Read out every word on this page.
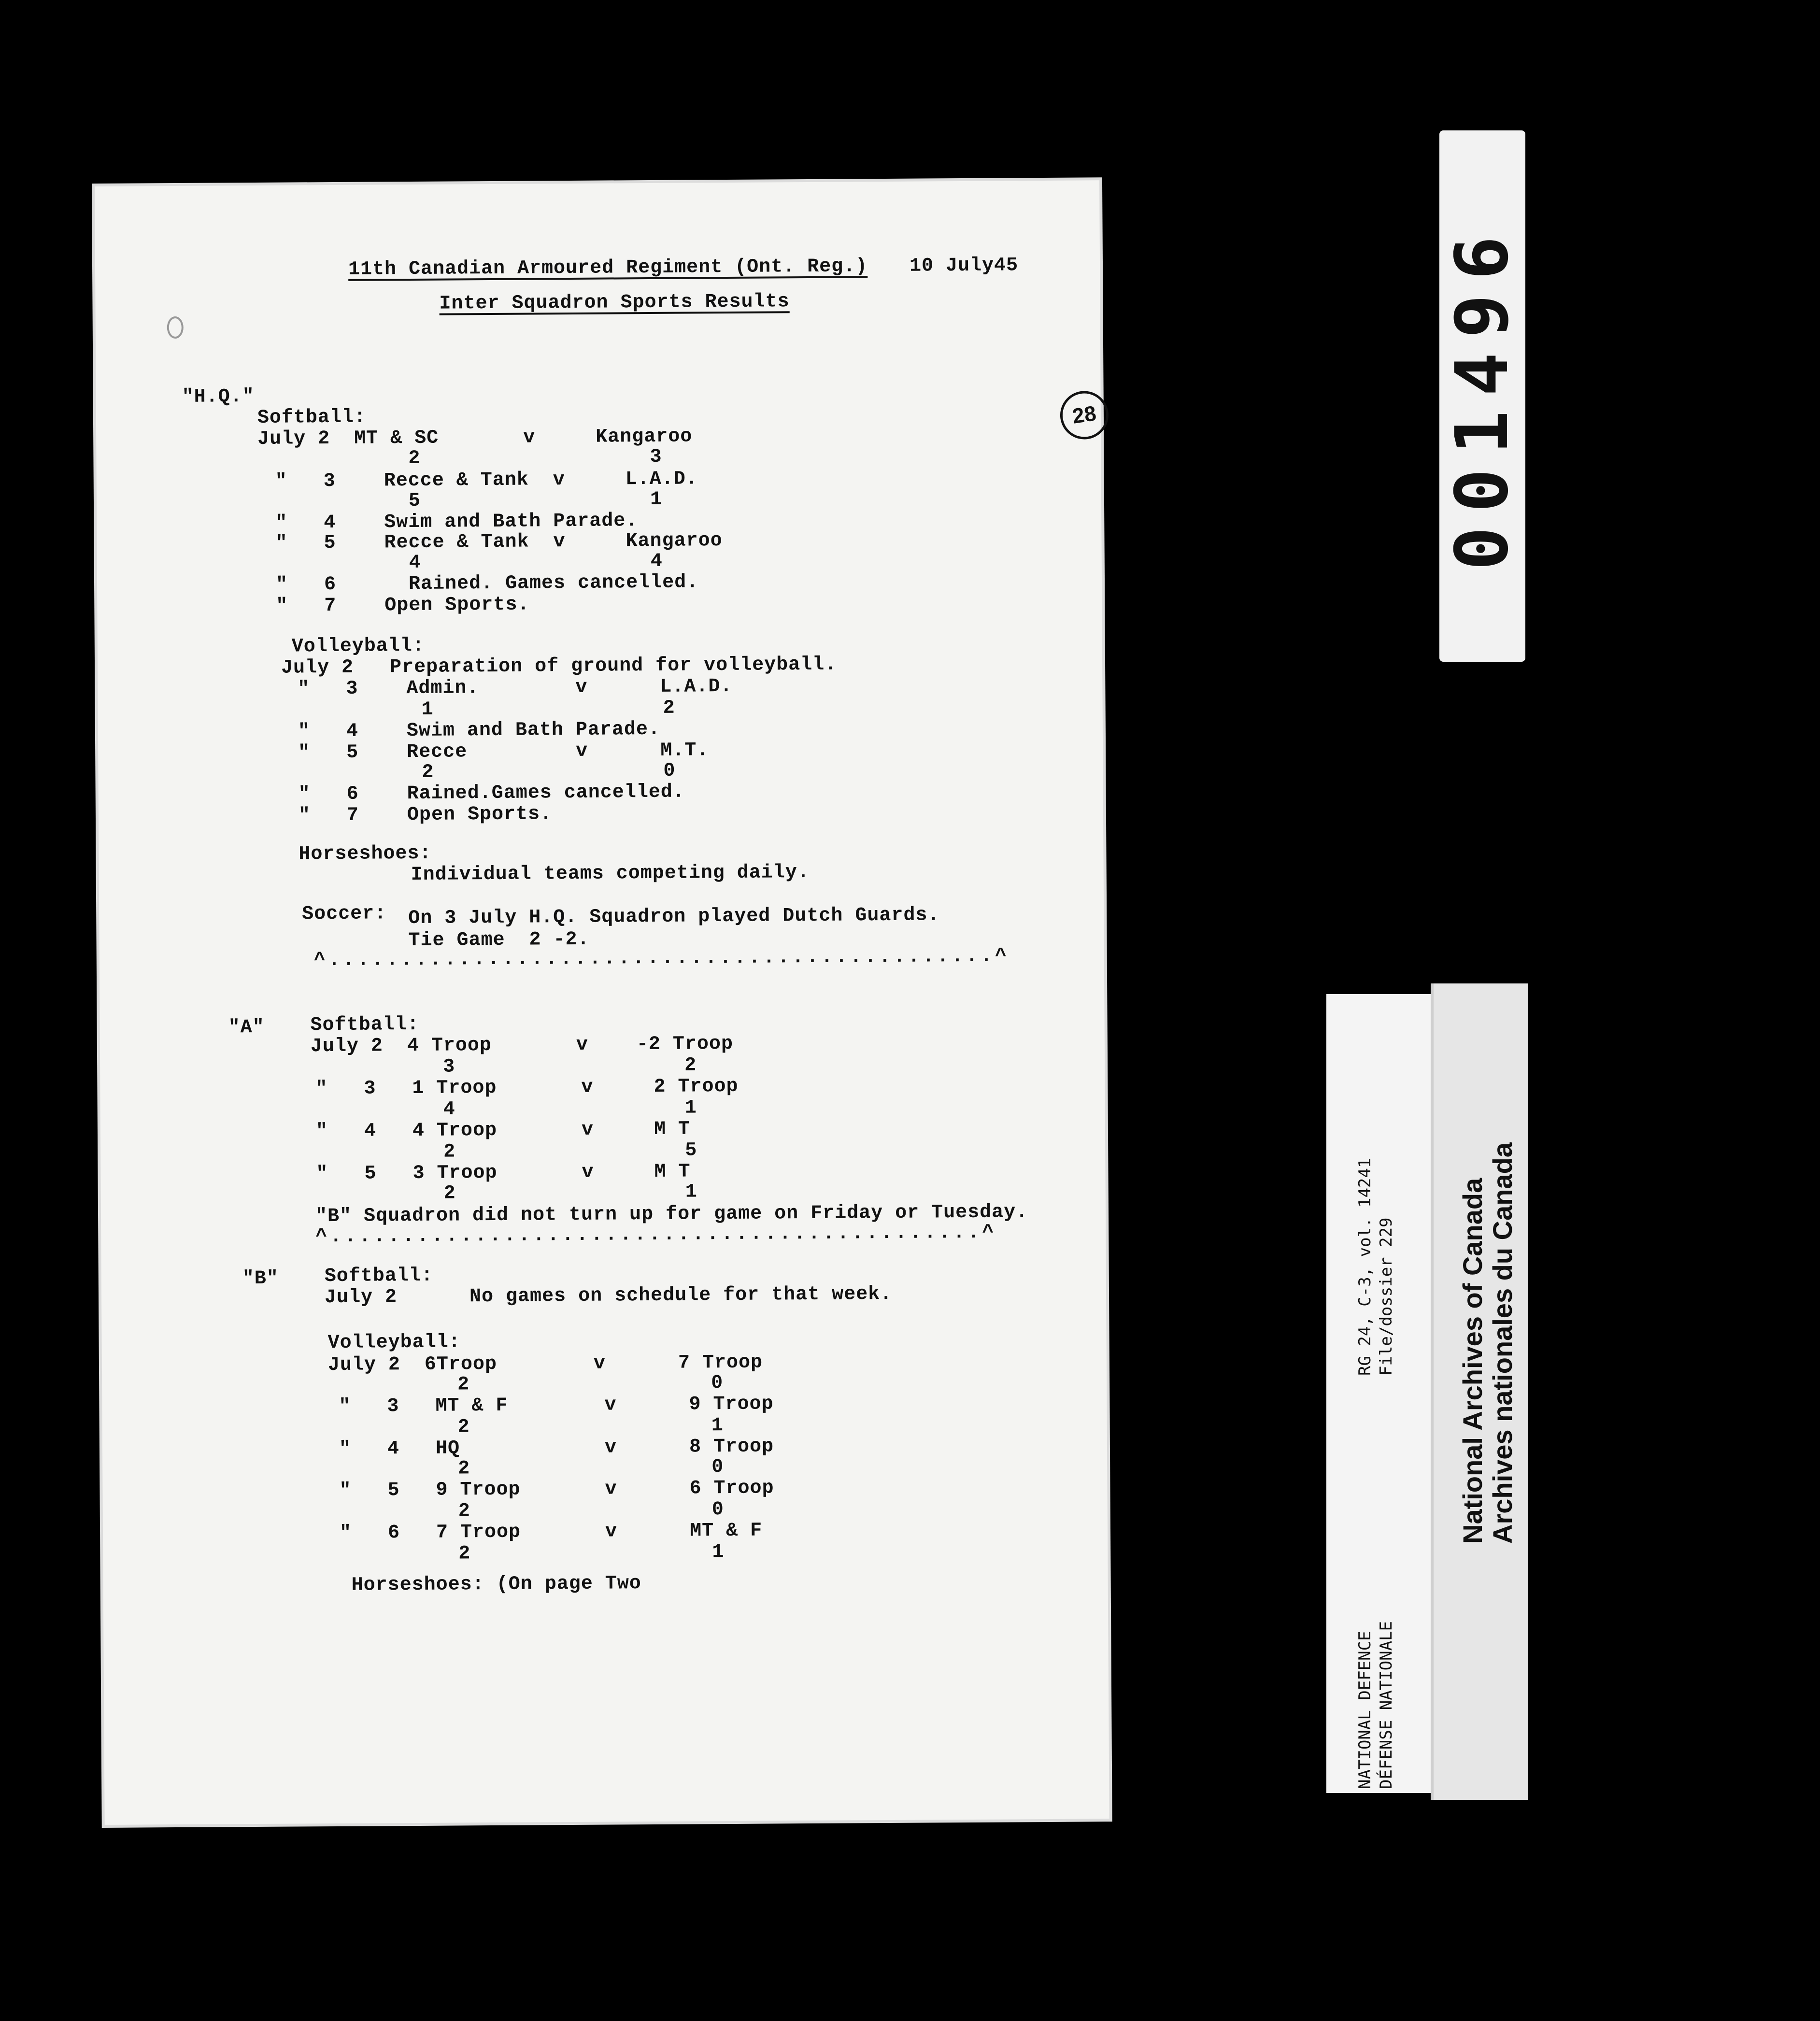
28
11th Canadian Armoured Regiment (Ont. Reg.) 10 July45
Inter Squadron Sports Results
"H.Q."
Softball:
July 2  MT & SC       v     Kangaroo
2                   3
"   3    Recce & Tank  v     L.A.D.
5                   1
"   4    Swim and Bath Parade.
"   5    Recce & Tank  v     Kangaroo
4                   4
"   6      Rained. Games cancelled.
"   7    Open Sports.
Volleyball:
July 2   Preparation of ground for volleyball.
"   3    Admin.        v      L.A.D.
1                   2
"   4    Swim and Bath Parade.
"   5    Recce         v      M.T.
2                   0
"   6    Rained.Games cancelled.
"   7    Open Sports.
Horseshoes:
Individual teams competing daily.
Soccer: On 3 July H.Q. Squadron played Dutch Guards.
Tie Game  2 -2.
^..............................................^
"A" Softball:
July 2  4 Troop       v    -2 Troop
3                   2
"   3   1 Troop       v     2 Troop
4                   1
"   4   4 Troop       v     M T
2                   5
"   5   3 Troop       v     M T
2                   1
"B" Squadron did not turn up for game on Friday or Tuesday.
^.............................................^
"B" Softball:
July 2      No games on schedule for that week.
Volleyball:
July 2  6Troop        v      7 Troop
2                    0
"   3   MT & F        v      9 Troop
2                    1
"   4   HQ            v      8 Troop
2                    0
"   5   9 Troop       v      6 Troop
2                    0
"   6   7 Troop       v      MT & F
2                    1
Horseshoes: (On page Two
001496
RG 24, C-3, vol. 14241 File/dossier 229
NATIONAL DEFENCE DÉFENSE NATIONALE
National Archives of Canada Archives nationales du Canada
